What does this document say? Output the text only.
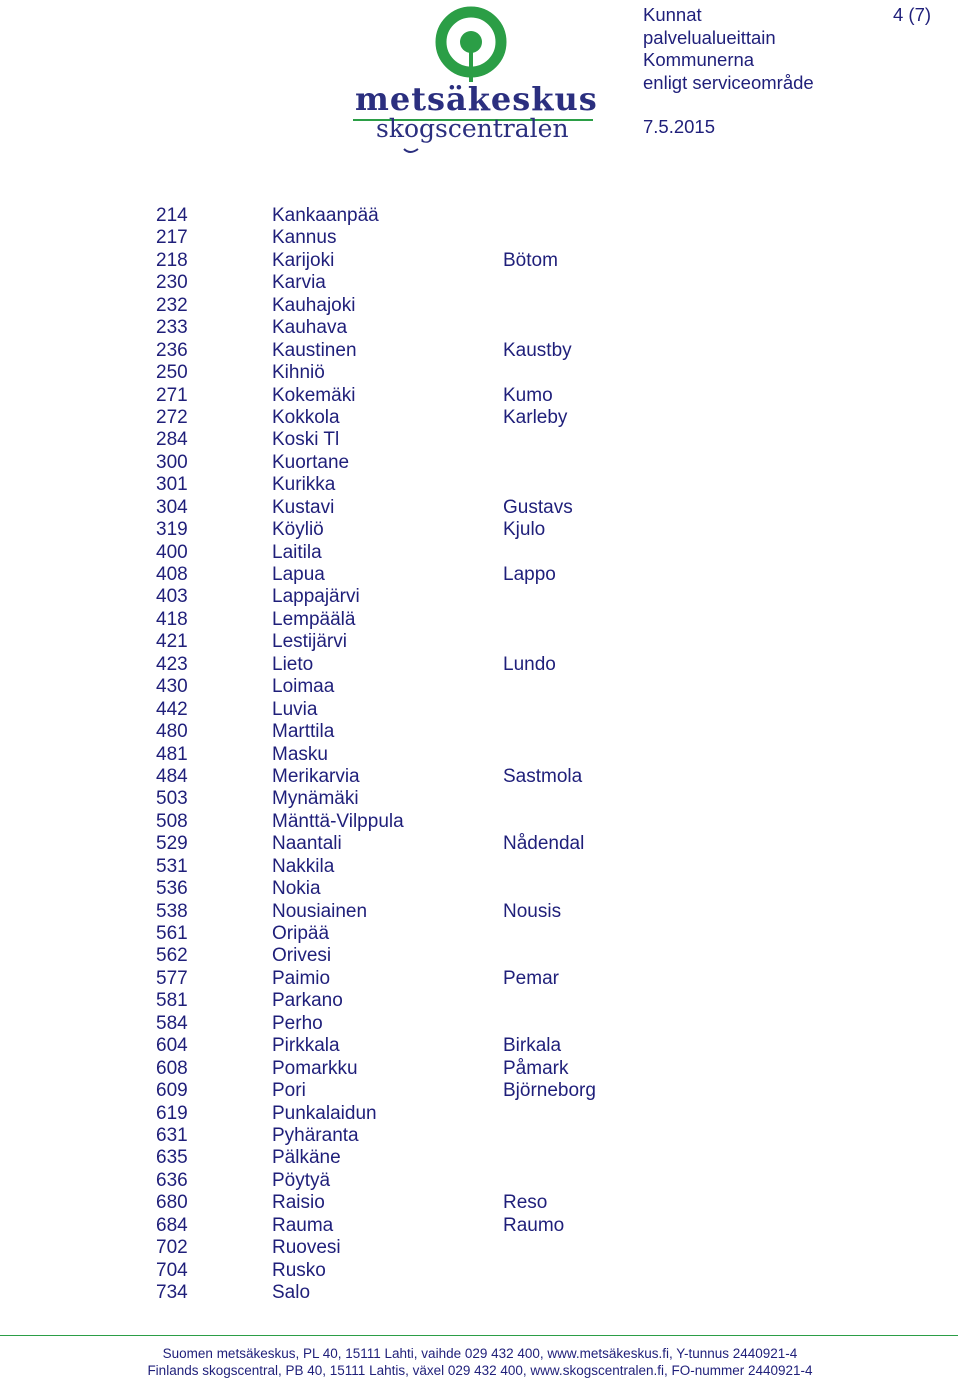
metsäkeskus
skogscentralen
Kunnat
palvelualueittain
Kommunerna
enligt serviceområde
7.5.2015
4 (7)
214	Kankaanpää
217	Kannus
218	Karijoki	Bötom
230	Karvia
232	Kauhajoki
233	Kauhava
236	Kaustinen	Kaustby
250	Kihniö
271	Kokemäki	Kumo
272	Kokkola	Karleby
284	Koski Tl
300	Kuortane
301	Kurikka
304	Kustavi	Gustavs
319	Köyliö	Kjulo
400	Laitila
408	Lapua	Lappo
403	Lappajärvi
418	Lempäälä
421	Lestijärvi
423	Lieto	Lundo
430	Loimaa
442	Luvia
480	Marttila
481	Masku
484	Merikarvia	Sastmola
503	Mynämäki
508	Mänttä-Vilppula
529	Naantali	Nådendal
531	Nakkila
536	Nokia
538	Nousiainen	Nousis
561	Oripää
562	Orivesi
577	Paimio	Pemar
581	Parkano
584	Perho
604	Pirkkala	Birkala
608	Pomarkku	Påmark
609	Pori	Björneborg
619	Punkalaidun
631	Pyhäranta
635	Pälkäne
636	Pöytyä
680	Raisio	Reso
684	Rauma	Raumo
702	Ruovesi
704	Rusko
734	Salo
Suomen metsäkeskus, PL 40, 15111 Lahti, vaihde 029 432 400, www.metsäkeskus.fi, Y-tunnus 2440921-4
Finlands skogscentral, PB 40, 15111 Lahtis, växel 029 432 400, www.skogscentralen.fi, FO-nummer 2440921-4
